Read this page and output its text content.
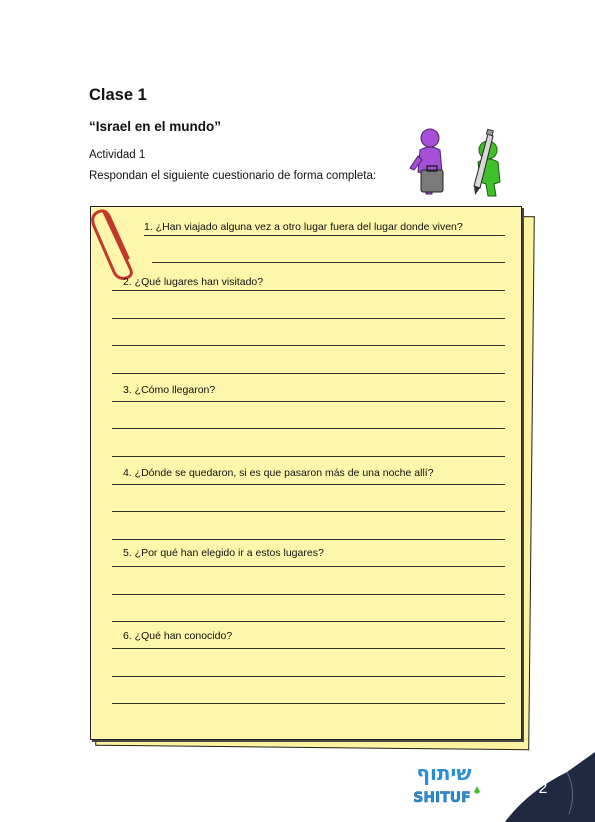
Clase 1
“Israel en el mundo”
Actividad 1
Respondan el siguiente cuestionario de forma completa:
1. ¿Han viajado alguna vez a otro lugar fuera del lugar donde viven?
2. ¿Qué lugares han visitado?
3. ¿Cómo llegaron?
4. ¿Dónde se quedaron, si es que pasaron más de una noche allí?
5. ¿Por qué han elegido ir a estos lugares?
6. ¿Qué han conocido?
שיתוף
SHITUF
2
